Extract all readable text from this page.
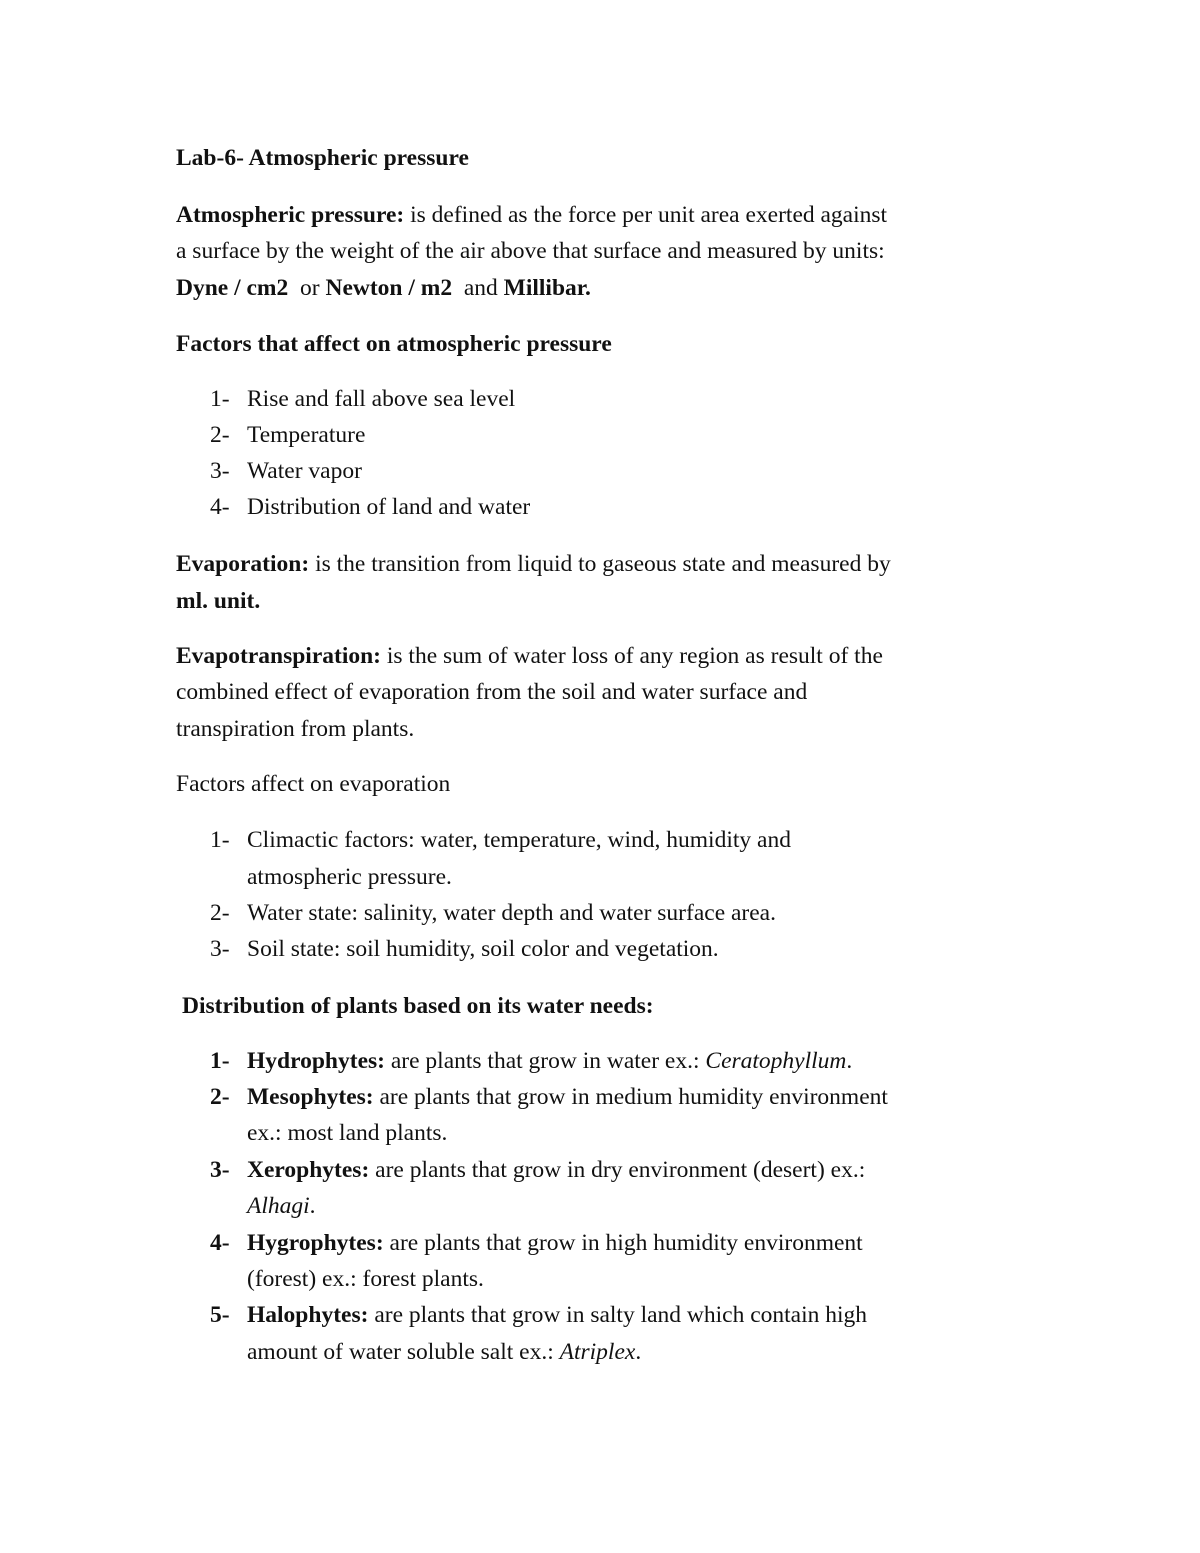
Lab-6- Atmospheric pressure
Atmospheric pressure: is defined as the force per unit area exerted against
a surface by the weight of the air above that surface and measured by units:
Dyne / cm2  or Newton / m2  and Millibar.
Factors that affect on atmospheric pressure
1- Rise and fall above sea level
2- Temperature
3- Water vapor
4- Distribution of land and water
Evaporation: is the transition from liquid to gaseous state and measured by
ml. unit.
Evapotranspiration: is the sum of water loss of any region as result of the
combined effect of evaporation from the soil and water surface and
transpiration from plants.
Factors affect on evaporation
1- Climactic factors: water, temperature, wind, humidity and
atmospheric pressure.
2- Water state: salinity, water depth and water surface area.
3- Soil state: soil humidity, soil color and vegetation.
Distribution of plants based on its water needs:
1- Hydrophytes: are plants that grow in water ex.: Ceratophyllum.
2- Mesophytes: are plants that grow in medium humidity environment
ex.: most land plants.
3- Xerophytes: are plants that grow in dry environment (desert) ex.:
Alhagi.
4- Hygrophytes: are plants that grow in high humidity environment
(forest) ex.: forest plants.
5- Halophytes: are plants that grow in salty land which contain high
amount of water soluble salt ex.: Atriplex.
